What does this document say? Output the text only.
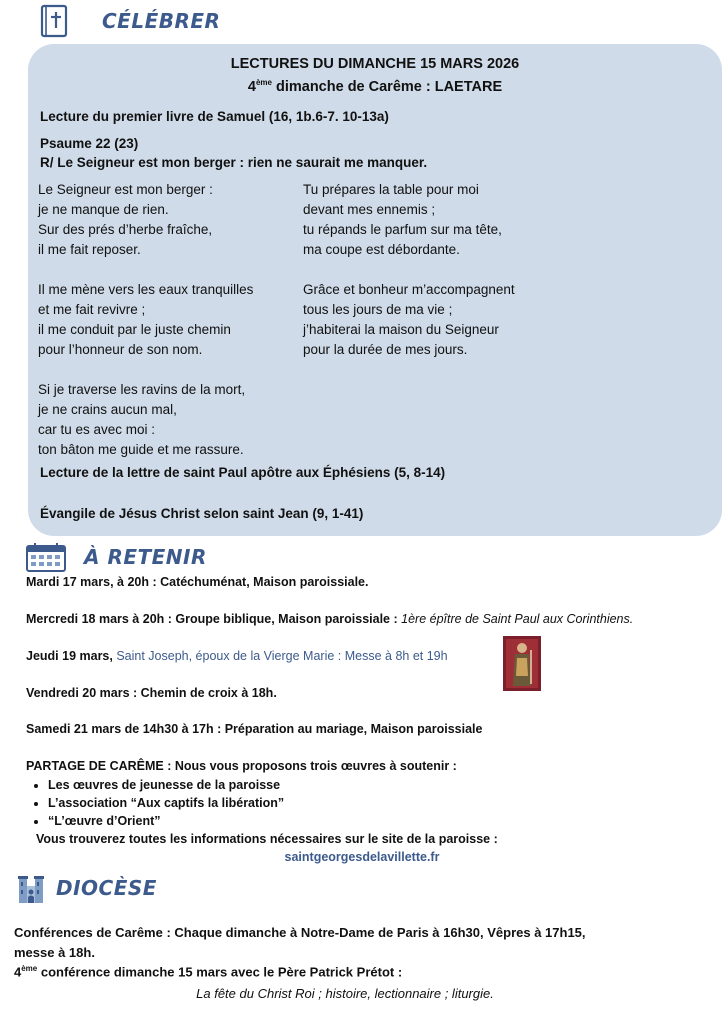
CÉLÉBRER
LECTURES DU DIMANCHE 15 MARS 2026
4ème dimanche de Carême : LAETARE
Lecture du premier livre de Samuel (16, 1b.6-7. 10-13a)
Psaume 22 (23)
R/ Le Seigneur est mon berger : rien ne saurait me manquer.

Le Seigneur est mon berger :
je ne manque de rien.
Sur des prés d’herbe fraîche,
il me fait reposer.

Il me mène vers les eaux tranquilles
et me fait revivre ;
il me conduit par le juste chemin
pour l’honneur de son nom.

Si je traverse les ravins de la mort,
je ne crains aucun mal,
car tu es avec moi :
ton bâton me guide et me rassure.

Tu prépares la table pour moi
devant mes ennemis ;
tu répands le parfum sur ma tête,
ma coupe est débordante.

Grâce et bonheur m’accompagnent
tous les jours de ma vie ;
j’habiterai la maison du Seigneur
pour la durée de mes jours.

Lecture de la lettre de saint Paul apôtre aux Éphésiens (5, 8-14)
Évangile de Jésus Christ selon saint Jean (9, 1-41)
À RETENIR
Mardi 17 mars, à 20h : Catéchuménat, Maison paroissiale.
Mercredi 18 mars à 20h : Groupe biblique, Maison paroissiale : 1ère épître de Saint Paul aux Corinthiens.
Jeudi 19 mars, Saint Joseph, époux de la Vierge Marie : Messe à 8h et 19h
Vendredi 20 mars : Chemin de croix à 18h.
Samedi 21 mars de 14h30 à 17h : Préparation au mariage, Maison paroissiale
PARTAGE DE CARÊME : Nous vous proposons trois œuvres à soutenir :
• Les œuvres de jeunesse de la paroisse
• L’association “Aux captifs la libération”
• “L’œuvre d’Orient”
Vous trouverez toutes les informations nécessaires sur le site de la paroisse :
saintgeorgesdelavillette.fr
DIOCÈSE
Conférences de Carême : Chaque dimanche à Notre-Dame de Paris à 16h30, Vêpres à 17h15,
messe à 18h.
4ème conférence dimanche 15 mars avec le Père Patrick Prétot :
La fête du Christ Roi ; histoire, lectionnaire ; liturgie.
